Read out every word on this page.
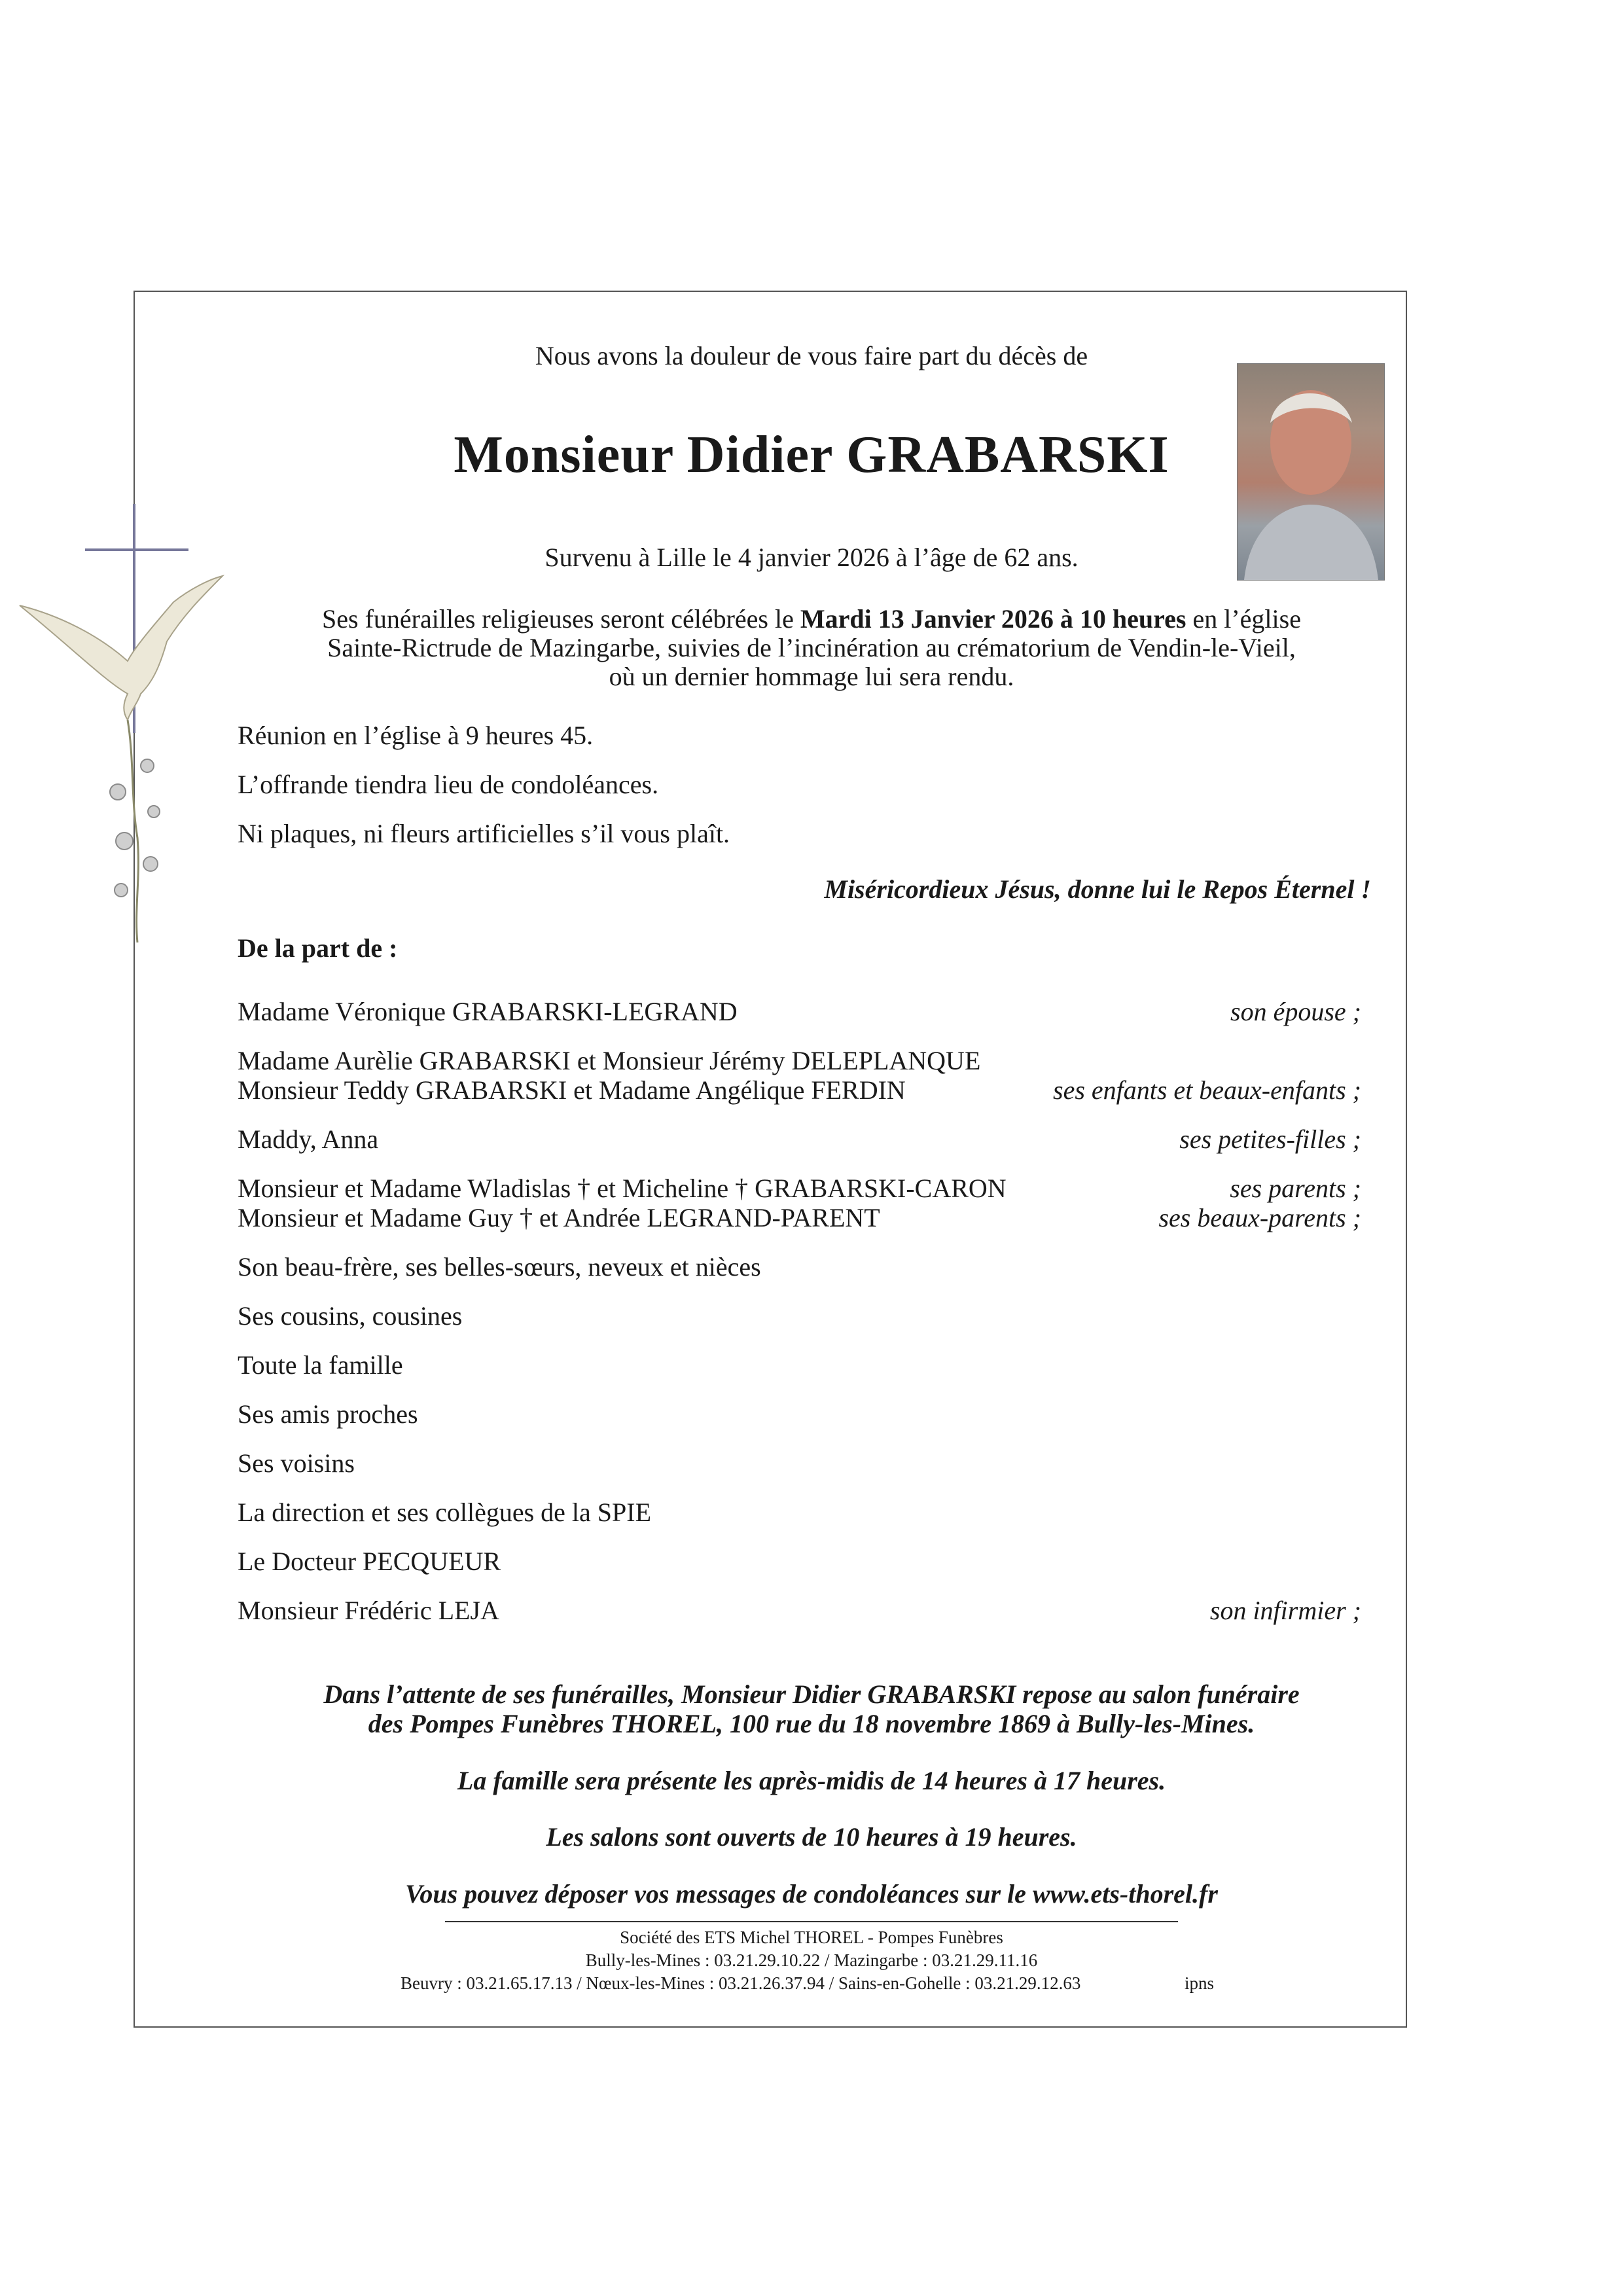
Nous avons la douleur de vous faire part du décès de
Monsieur Didier GRABARSKI
Survenu à Lille le 4 janvier 2026 à l’âge de 62 ans.
Ses funérailles religieuses seront célébrées le Mardi 13 Janvier 2026 à 10 heures en l’église
Sainte-Rictrude de Mazingarbe, suivies de l’incinération au crématorium de Vendin-le-Vieil,
où un dernier hommage lui sera rendu.
Réunion en l’église à 9 heures 45.
L’offrande tiendra lieu de condoléances.
Ni plaques, ni fleurs artificielles s’il vous plaît.
Miséricordieux Jésus, donne lui le Repos Éternel !
De la part de :
Madame Véronique GRABARSKI-LEGRAND	son épouse ;
Madame Aurèlie GRABARSKI et Monsieur Jérémy DELEPLANQUE
Monsieur Teddy GRABARSKI et Madame Angélique FERDIN	ses enfants et beaux-enfants ;
Maddy, Anna	ses petites-filles ;
Monsieur et Madame Wladislas † et Micheline † GRABARSKI-CARON	ses parents ;
Monsieur et Madame Guy † et Andrée LEGRAND-PARENT	ses beaux-parents ;
Son beau-frère, ses belles-sœurs, neveux et nièces
Ses cousins, cousines
Toute la famille
Ses amis proches
Ses voisins
La direction et ses collègues de la SPIE
Le Docteur PECQUEUR
Monsieur Frédéric LEJA	son infirmier ;
Dans l’attente de ses funérailles, Monsieur Didier GRABARSKI repose au salon funéraire
des Pompes Funèbres THOREL, 100 rue du 18 novembre 1869 à Bully-les-Mines.
La famille sera présente les après-midis de 14 heures à 17 heures.
Les salons sont ouverts de 10 heures à 19 heures.
Vous pouvez déposer vos messages de condoléances sur le www.ets-thorel.fr
Société des ETS Michel THOREL - Pompes Funèbres
Bully-les-Mines : 03.21.29.10.22 / Mazingarbe : 03.21.29.11.16
Beuvry : 03.21.65.17.13 / Nœux-les-Mines : 03.21.26.37.94 / Sains-en-Gohelle : 03.21.29.12.63	ipns
